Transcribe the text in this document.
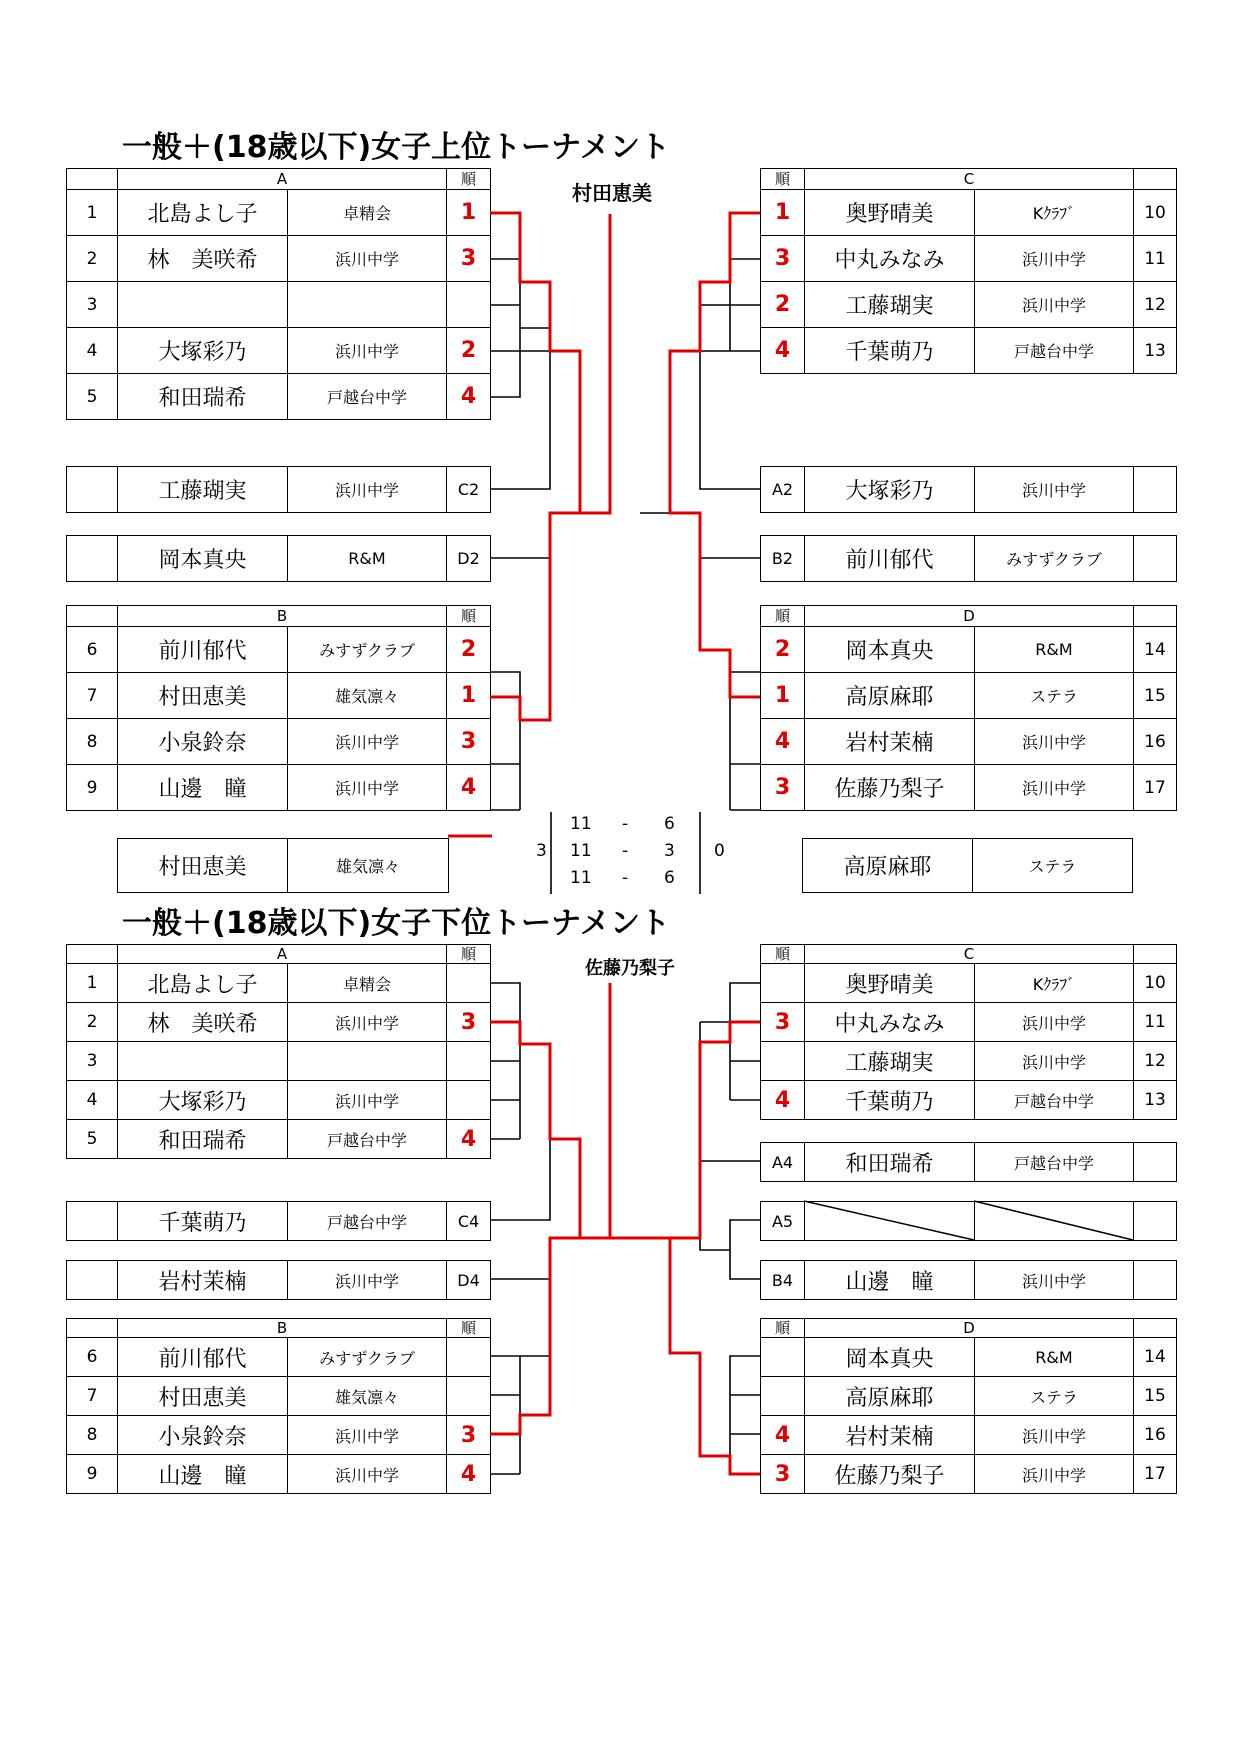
一般＋(18歳以下)女子上位トーナメント
村田恵美
	A		順
1	北島よし子	卓精会	1
2	林　美咲希	浜川中学	3
3			
4	大塚彩乃	浜川中学	2
5	和田瑞希	戸越台中学	4
	工藤瑚実	浜川中学	C2
	岡本真央	R&M	D2
	B		順
6	前川郁代	みすずクラブ	2
7	村田恵美	雄気凛々	1
8	小泉鈴奈	浜川中学	3
9	山邊　瞳	浜川中学	4
順	C		
1	奥野晴美	Kｸﾗﾌﾞ	10
3	中丸みなみ	浜川中学	11
2	工藤瑚実	浜川中学	12
4	千葉萌乃	戸越台中学	13
A2	大塚彩乃	浜川中学	
B2	前川郁代	みすずクラブ	
順	D		
2	岡本真央	R&M	14
1	高原麻耶	ステラ	15
4	岩村茉楠	浜川中学	16
3	佐藤乃梨子	浜川中学	17
村田恵美	雄気凛々	高原麻耶	ステラ
3	0
11 - 6
11 - 3
11 - 6
一般＋(18歳以下)女子下位トーナメント
佐藤乃梨子
	A		順
1	北島よし子	卓精会	
2	林　美咲希	浜川中学	3
3			
4	大塚彩乃	浜川中学	
5	和田瑞希	戸越台中学	4
	千葉萌乃	戸越台中学	C4
	岩村茉楠	浜川中学	D4
	B		順
6	前川郁代	みすずクラブ	
7	村田恵美	雄気凛々	
8	小泉鈴奈	浜川中学	3
9	山邊　瞳	浜川中学	4
順	C		
	奥野晴美	Kｸﾗﾌﾞ	10
3	中丸みなみ	浜川中学	11
	工藤瑚実	浜川中学	12
4	千葉萌乃	戸越台中学	13
A4	和田瑞希	戸越台中学	
A5			
B4	山邊　瞳	浜川中学	
順	D		
	岡本真央	R&M	14
	高原麻耶	ステラ	15
4	岩村茉楠	浜川中学	16
3	佐藤乃梨子	浜川中学	17
